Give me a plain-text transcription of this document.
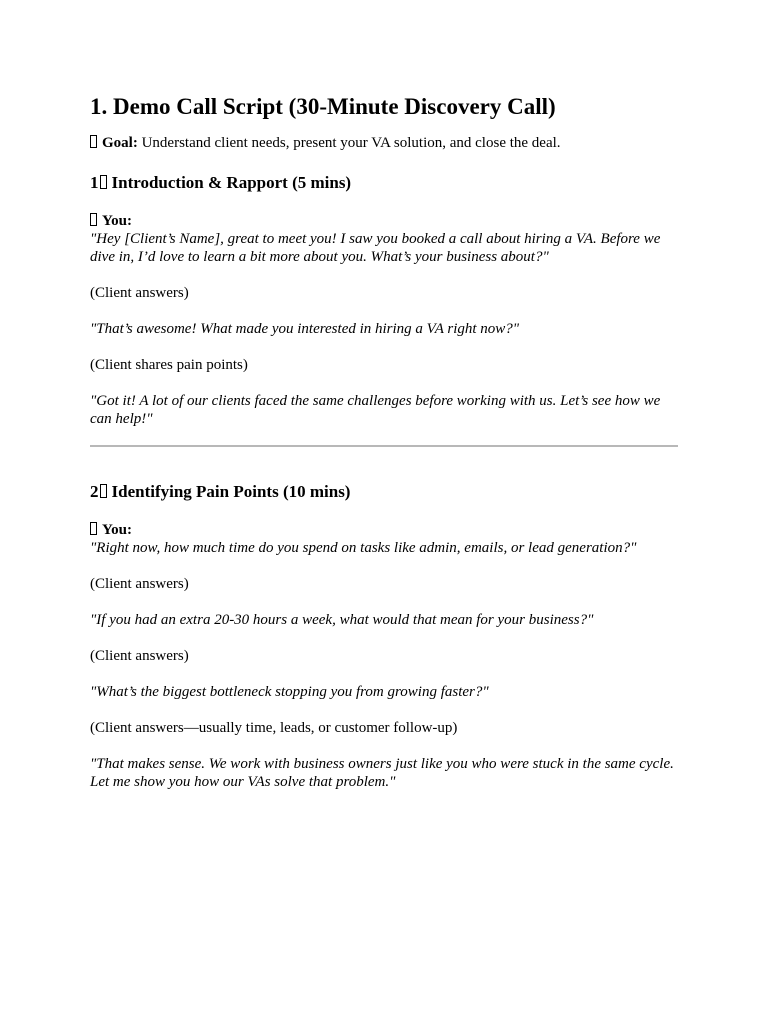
1. Demo Call Script (30-Minute Discovery Call)
Goal: Understand client needs, present your VA solution, and close the deal.
1 Introduction & Rapport (5 mins)
You:

"Hey [Client’s Name], great to meet you! I saw you booked a call about hiring a VA. Before we dive in, I’d love to learn a bit more about you. What’s your business about?"

(Client answers)

"That’s awesome! What made you interested in hiring a VA right now?"

(Client shares pain points)

"Got it! A lot of our clients faced the same challenges before working with us. Let’s see how we can help!"

2 Identifying Pain Points (10 mins)
You:

"Right now, how much time do you spend on tasks like admin, emails, or lead generation?"

(Client answers)

"If you had an extra 20-30 hours a week, what would that mean for your business?"

(Client answers)

"What’s the biggest bottleneck stopping you from growing faster?"

(Client answers—usually time, leads, or customer follow-up)

"That makes sense. We work with business owners just like you who were stuck in the same cycle. Let me show you how our VAs solve that problem."
